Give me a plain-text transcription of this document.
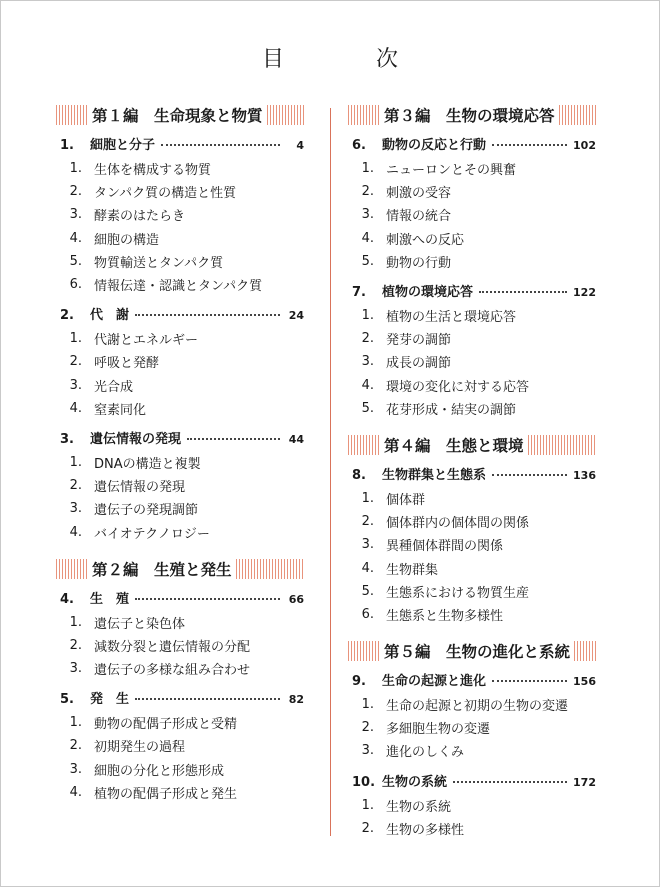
目次
第１編　生命現象と物質
1.	細胞と分子	4
1. 生体を構成する物質
2. タンパク質の構造と性質
3. 酵素のはたらき
4. 細胞の構造
5. 物質輸送とタンパク質
6. 情報伝達・認識とタンパク質
2.	代　謝	24
1. 代謝とエネルギー
2. 呼吸と発酵
3. 光合成
4. 窒素同化
3.	遺伝情報の発現	44
1. DNAの構造と複製
2. 遺伝情報の発現
3. 遺伝子の発現調節
4. バイオテクノロジー
第２編　生殖と発生
4.	生　殖	66
1. 遺伝子と染色体
2. 減数分裂と遺伝情報の分配
3. 遺伝子の多様な組み合わせ
5.	発　生	82
1. 動物の配偶子形成と受精
2. 初期発生の過程
3. 細胞の分化と形態形成
4. 植物の配偶子形成と発生
第３編　生物の環境応答
6.	動物の反応と行動	102
1. ニューロンとその興奮
2. 刺激の受容
3. 情報の統合
4. 刺激への反応
5. 動物の行動
7.	植物の環境応答	122
1. 植物の生活と環境応答
2. 発芽の調節
3. 成長の調節
4. 環境の変化に対する応答
5. 花芽形成・結実の調節
第４編　生態と環境
8.	生物群集と生態系	136
1. 個体群
2. 個体群内の個体間の関係
3. 異種個体群間の関係
4. 生物群集
5. 生態系における物質生産
6. 生態系と生物多様性
第５編　生物の進化と系統
9.	生命の起源と進化	156
1. 生命の起源と初期の生物の変遷
2. 多細胞生物の変遷
3. 進化のしくみ
10. 生物の系統	172
1. 生物の系統
2. 生物の多様性
